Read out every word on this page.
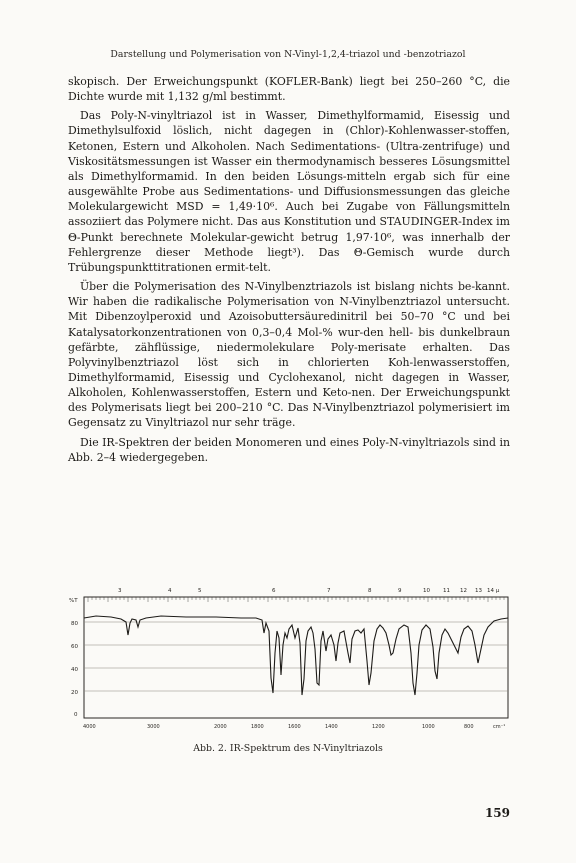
Darstellung und Polymerisation von N-Vinyl-1,2,4-triazol und -benzotriazol

skopisch. Der Erweichungspunkt (KOFLER-Bank) liegt bei 250–260 °C, die Dichte wurde mit 1,132 g/ml bestimmt.

Das Poly-N-vinyltriazol ist in Wasser, Dimethylformamid, Eisessig und Dimethylsulfoxid löslich, nicht dagegen in (Chlor)-Kohlenwasser-stoffen, Ketonen, Estern und Alkoholen. Nach Sedimentations- (Ultra-zentrifuge) und Viskositätsmessungen ist Wasser ein thermodynamisch besseres Lösungsmittel als Dimethylformamid. In den beiden Lösungs-mitteln ergab sich für eine ausgewählte Probe aus Sedimentations- und Diffusionsmessungen das gleiche Molekulargewicht MSD = 1,49·10⁶. Auch bei Zugabe von Fällungsmitteln assoziiert das Polymere nicht. Das aus Konstitution und STAUDINGER-Index im Θ-Punkt berechnete Molekular-gewicht betrug 1,97·10⁶, was innerhalb der Fehlergrenze dieser Methode liegt³). Das Θ-Gemisch wurde durch Trübungspunkttitrationen ermit-telt.

Über die Polymerisation des N-Vinylbenztriazols ist bislang nichts be-kannt. Wir haben die radikalische Polymerisation von N-Vinylbenztriazol untersucht. Mit Dibenzoylperoxid und Azoisobuttersäuredinitril bei 50–70 °C und bei Katalysatorkonzentrationen von 0,3–0,4 Mol-% wur-den hell- bis dunkelbraun gefärbte, zähflüssige, niedermolekulare Poly-merisate erhalten. Das Polyvinylbenztriazol löst sich in chlorierten Koh-lenwasserstoffen, Dimethylformamid, Eisessig und Cyclohexanol, nicht dagegen in Wasser, Alkoholen, Kohlenwasserstoffen, Estern und Keto-nen. Der Erweichungspunkt des Polymerisats liegt bei 200–210 °C. Das N-Vinylbenztriazol polymerisiert im Gegensatz zu Vinyltriazol nur sehr träge.

Die IR-Spektren der beiden Monomeren und eines Poly-N-vinyltriazols sind in Abb. 2–4 wiedergegeben.

%T
80
60
40
20
0
3	4	5	6	7	8	9	10 11 12 13 14 μ
4000	3000	2000	1800	1600	1400	1200	1000	800	cm⁻¹
Abb. 2. IR-Spektrum des N-Vinyltriazols
159
